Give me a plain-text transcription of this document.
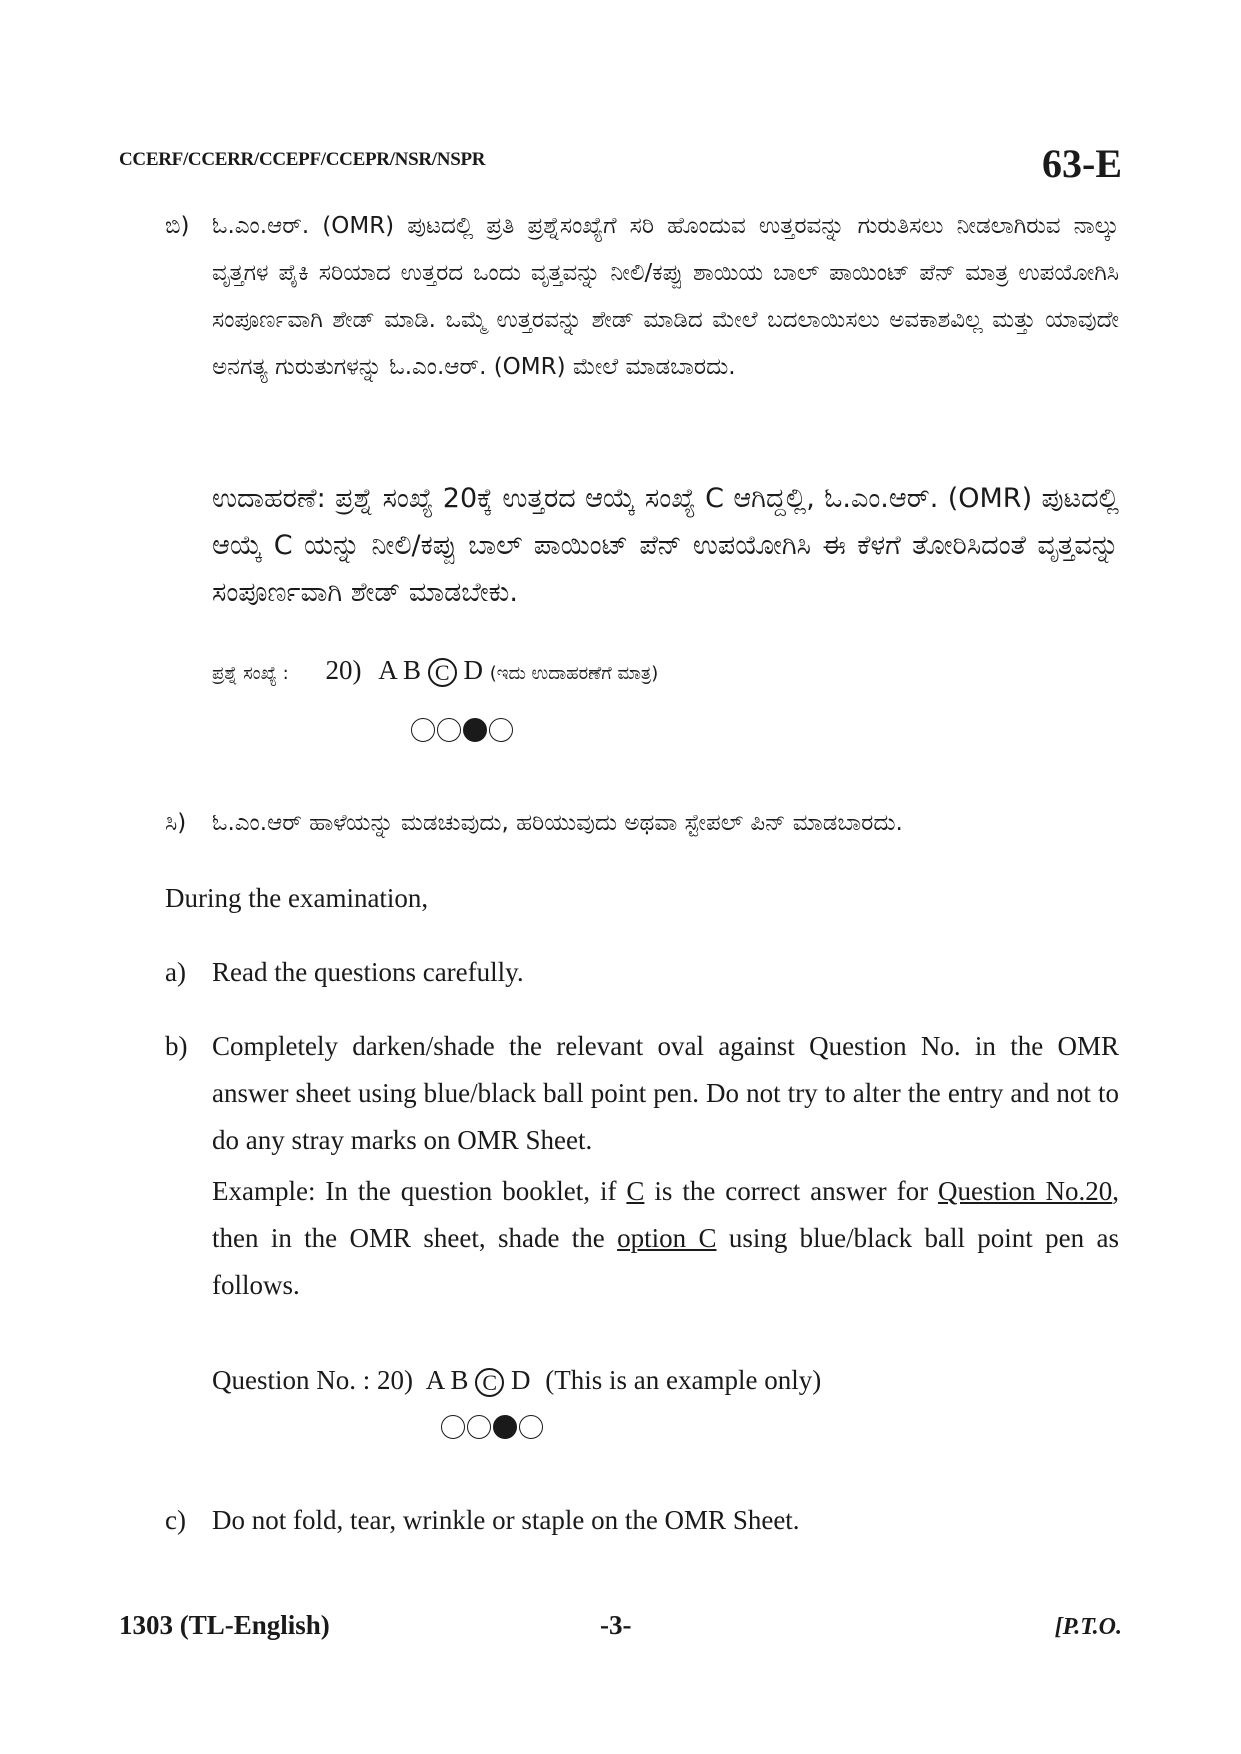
CCERF/CCERR/CCEPF/CCEPR/NSR/NSPR	63-E
ಬಿ) ಓ.ಎಂ.ಆರ್. (OMR) ಪುಟದಲ್ಲಿ ಪ್ರತಿ ಪ್ರಶ್ನೆಸಂಖ್ಯೆಗೆ ಸರಿ ಹೊಂದುವ ಉತ್ತರವನ್ನು ಗುರುತಿಸಲು ನೀಡಲಾಗಿರುವ ನಾಲ್ಕು ವೃತ್ತಗಳ ಪೈಕಿ ಸರಿಯಾದ ಉತ್ತರದ ಒಂದು ವೃತ್ತವನ್ನು ನೀಲಿ/ಕಪ್ಪು ಶಾಯಿಯ ಬಾಲ್ ಪಾಯಿಂಟ್ ಪೆನ್ ಮಾತ್ರ ಉಪಯೋಗಿಸಿ ಸಂಪೂರ್ಣವಾಗಿ ಶೇಡ್ ಮಾಡಿ. ಒಮ್ಮೆ ಉತ್ತರವನ್ನು ಶೇಡ್ ಮಾಡಿದ ಮೇಲೆ ಬದಲಾಯಿಸಲು ಅವಕಾಶವಿಲ್ಲ ಮತ್ತು ಯಾವುದೇ ಅನಗತ್ಯ ಗುರುತುಗಳನ್ನು ಓ.ಎಂ.ಆರ್. (OMR) ಮೇಲೆ ಮಾಡಬಾರದು.
ಉದಾಹರಣೆ: ಪ್ರಶ್ನೆ ಸಂಖ್ಯೆ 20ಕ್ಕೆ ಉತ್ತರದ ಆಯ್ಕೆ ಸಂಖ್ಯೆ C ಆಗಿದ್ದಲ್ಲಿ, ಓ.ಎಂ.ಆರ್. (OMR) ಪುಟದಲ್ಲಿ ಆಯ್ಕೆ C ಯನ್ನು ನೀಲಿ/ಕಪ್ಪು ಬಾಲ್ ಪಾಯಿಂಟ್ ಪೆನ್ ಉಪಯೋಗಿಸಿ ಈ ಕೆಳಗೆ ತೋರಿಸಿದಂತೆ ವೃತ್ತವನ್ನು ಸಂಪೂರ್ಣವಾಗಿ ಶೇಡ್ ಮಾಡಬೇಕು.
ಪ್ರಶ್ನೆ ಸಂಖ್ಯೆ : 20) A B C D (ಇದು ಉದಾಹರಣೆಗೆ ಮಾತ್ರ)
ಸಿ) ಓ.ಎಂ.ಆರ್ ಹಾಳೆಯನ್ನು ಮಡಚುವುದು, ಹರಿಯುವುದು ಅಥವಾ ಸ್ಟೇಪಲ್ ಪಿನ್ ಮಾಡಬಾರದು.
During the examination,
a) Read the questions carefully.
b) Completely darken/shade the relevant oval against Question No. in the OMR answer sheet using blue/black ball point pen. Do not try to alter the entry and not to do any stray marks on OMR Sheet.
Example: In the question booklet, if C is the correct answer for Question No.20, then in the OMR sheet, shade the option C using blue/black ball point pen as follows.
Question No. : 20) A B C D (This is an example only)
c) Do not fold, tear, wrinkle or staple on the OMR Sheet.
1303 (TL-English)	-3-	[P.T.O.
